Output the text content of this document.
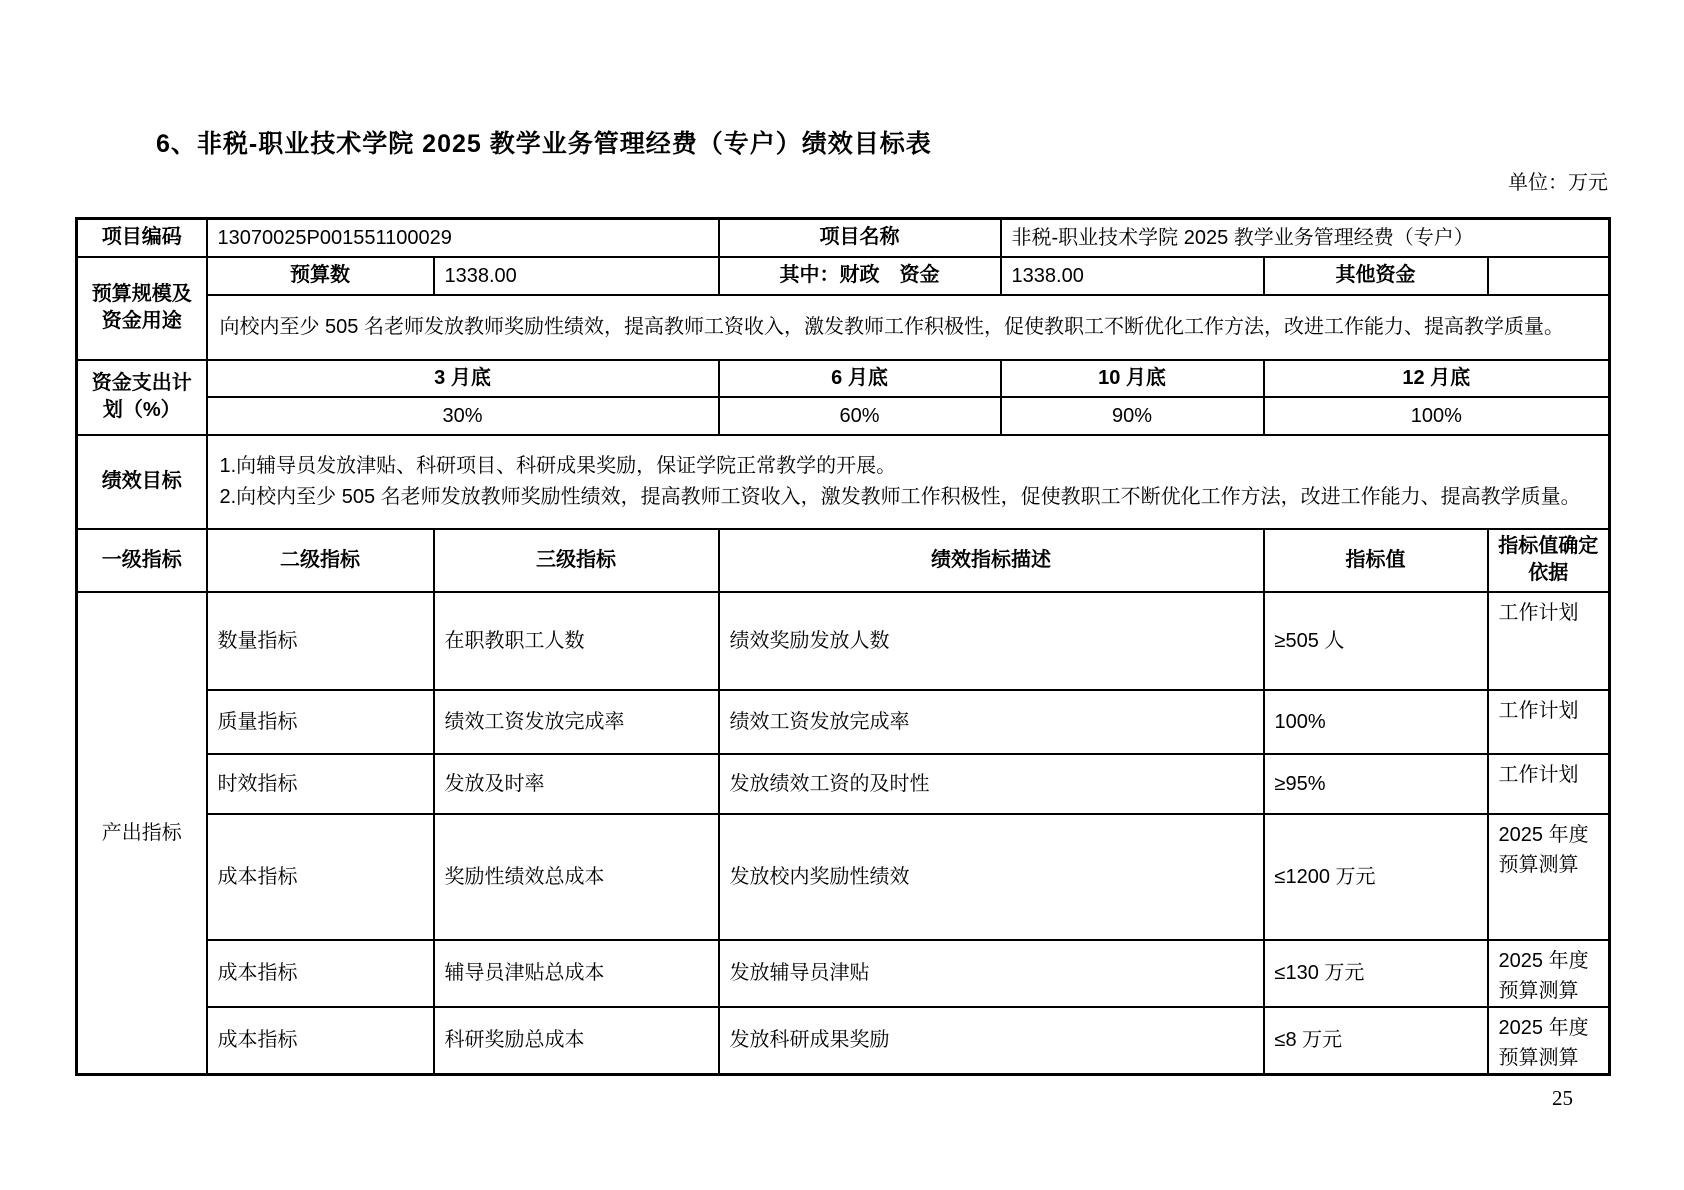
6、非税-职业技术学院 2025 教学业务管理经费（专户）绩效目标表
单位：万元
项目编码	13070025P001551100029		项目名称	非税-职业技术学院 2025 教学业务管理经费（专户）		
预算规模及资金用途	预算数	1338.00	其中：财政　资金	1338.00	其他资金	
	向校内至少 505 名老师发放教师奖励性绩效，提高教师工资收入，激发教师工作积极性，促使教职工不断优化工作方法，改进工作能力、提高教学质量。					
资金支出计划（%）	3 月底		6 月底	10 月底	12 月底	
	30%		60%	90%	100%	
绩效目标	1.向辅导员发放津贴、科研项目、科研成果奖励，保证学院正常教学的开展。
2.向校内至少 505 名老师发放教师奖励性绩效，提高教师工资收入，激发教师工作积极性，促使教职工不断优化工作方法，改进工作能力、提高教学质量。					

一级指标	二级指标	三级指标	绩效指标描述		指标值	指标值确定依据
产出指标	数量指标	在职教职工人数	绩效奖励发放人数		≥505 人	工作计划
	质量指标	绩效工资发放完成率	绩效工资发放完成率		100%	工作计划
	时效指标	发放及时率	发放绩效工资的及时性		≥95%	工作计划
	成本指标	奖励性绩效总成本	发放校内奖励性绩效		≤1200 万元	2025 年度预算测算
	成本指标	辅导员津贴总成本	发放辅导员津贴		≤130 万元	2025 年度预算测算
	成本指标	科研奖励总成本	发放科研成果奖励		≤8 万元	2025 年度预算测算
25
